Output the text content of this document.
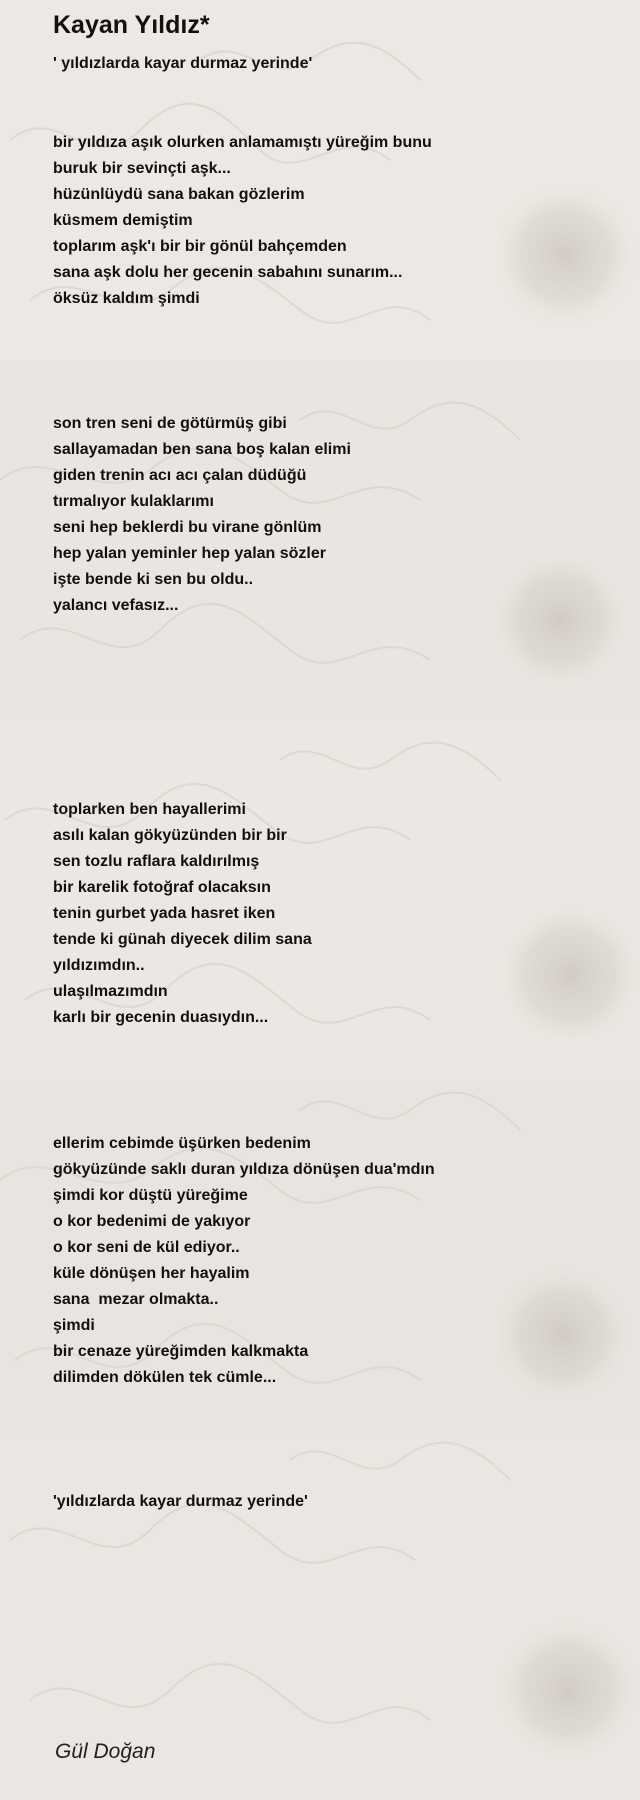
Kayan Yıldız*
' yıldızlarda kayar durmaz yerinde'
bir yıldıza aşık olurken anlamamıştı yüreğim bunu
buruk bir sevinçti aşk...
hüzünlüydü sana bakan gözlerim
küsmem demiştim
toplarım aşk'ı bir bir gönül bahçemden
sana aşk dolu her gecenin sabahını sunarım...
öksüz kaldım şimdi
son tren seni de götürmüş gibi
sallayamadan ben sana boş kalan elimi
giden trenin acı acı çalan düdüğü
tırmalıyor kulaklarımı
seni hep beklerdi bu virane gönlüm
hep yalan yeminler hep yalan sözler
işte bende ki sen bu oldu..
yalancı vefasız...
toplarken ben hayallerimi
asılı kalan gökyüzünden bir bir
sen tozlu raflara kaldırılmış
bir karelik fotoğraf olacaksın
tenin gurbet yada hasret iken
tende ki günah diyecek dilim sana
yıldızımdın..
ulaşılmazımdın
karlı bir gecenin duasıydın...
ellerim cebimde üşürken bedenim
gökyüzünde saklı duran yıldıza dönüşen dua'mdın
şimdi kor düştü yüreğime
o kor bedenimi de yakıyor
o kor seni de kül ediyor..
küle dönüşen her hayalim
sana  mezar olmakta..
şimdi
bir cenaze yüreğimden kalkmakta
dilimden dökülen tek cümle...
'yıldızlarda kayar durmaz yerinde'
Gül Doğan
